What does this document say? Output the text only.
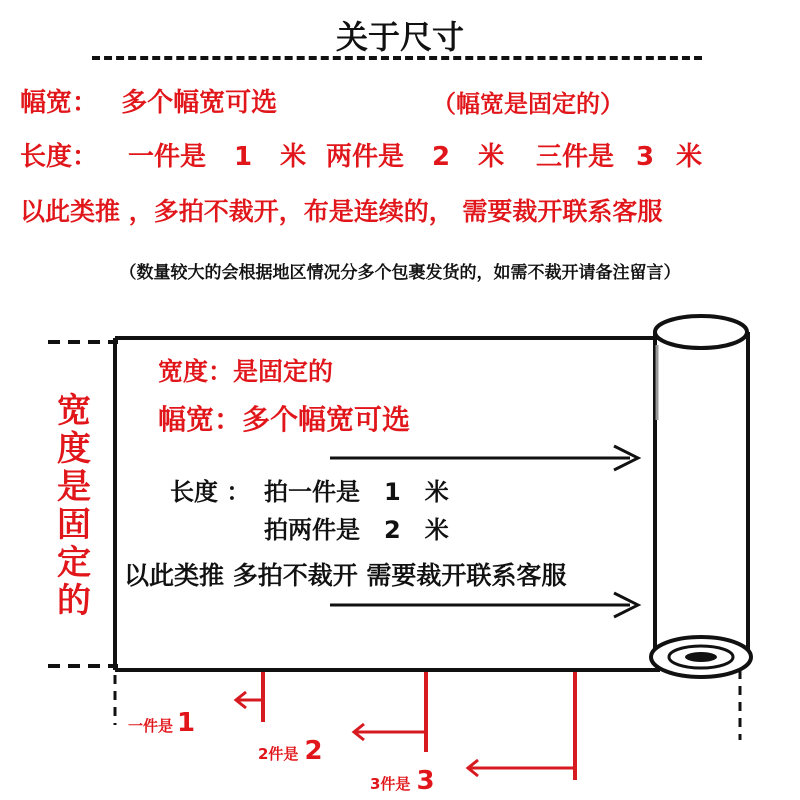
关于尺寸
幅宽： 多个幅宽可选	（幅宽是固定的）
长度： 一件是 1 米 两件是 2 米 三件是 3 米
以此类推 ，多拍不裁开，布是连续的， 需要裁开联系客服
（数量较大的会根据地区情况分多个包裹发货的，如需不裁开请备注留言）
宽
度
是
固
定
的
宽度：是固定的
幅宽：多个幅宽可选
长度 ： 拍一件是 1 米
拍两件是 2 米
以此类推 多拍不裁开 需要裁开联系客服
一件是 1
2件是 2
3件是 3
